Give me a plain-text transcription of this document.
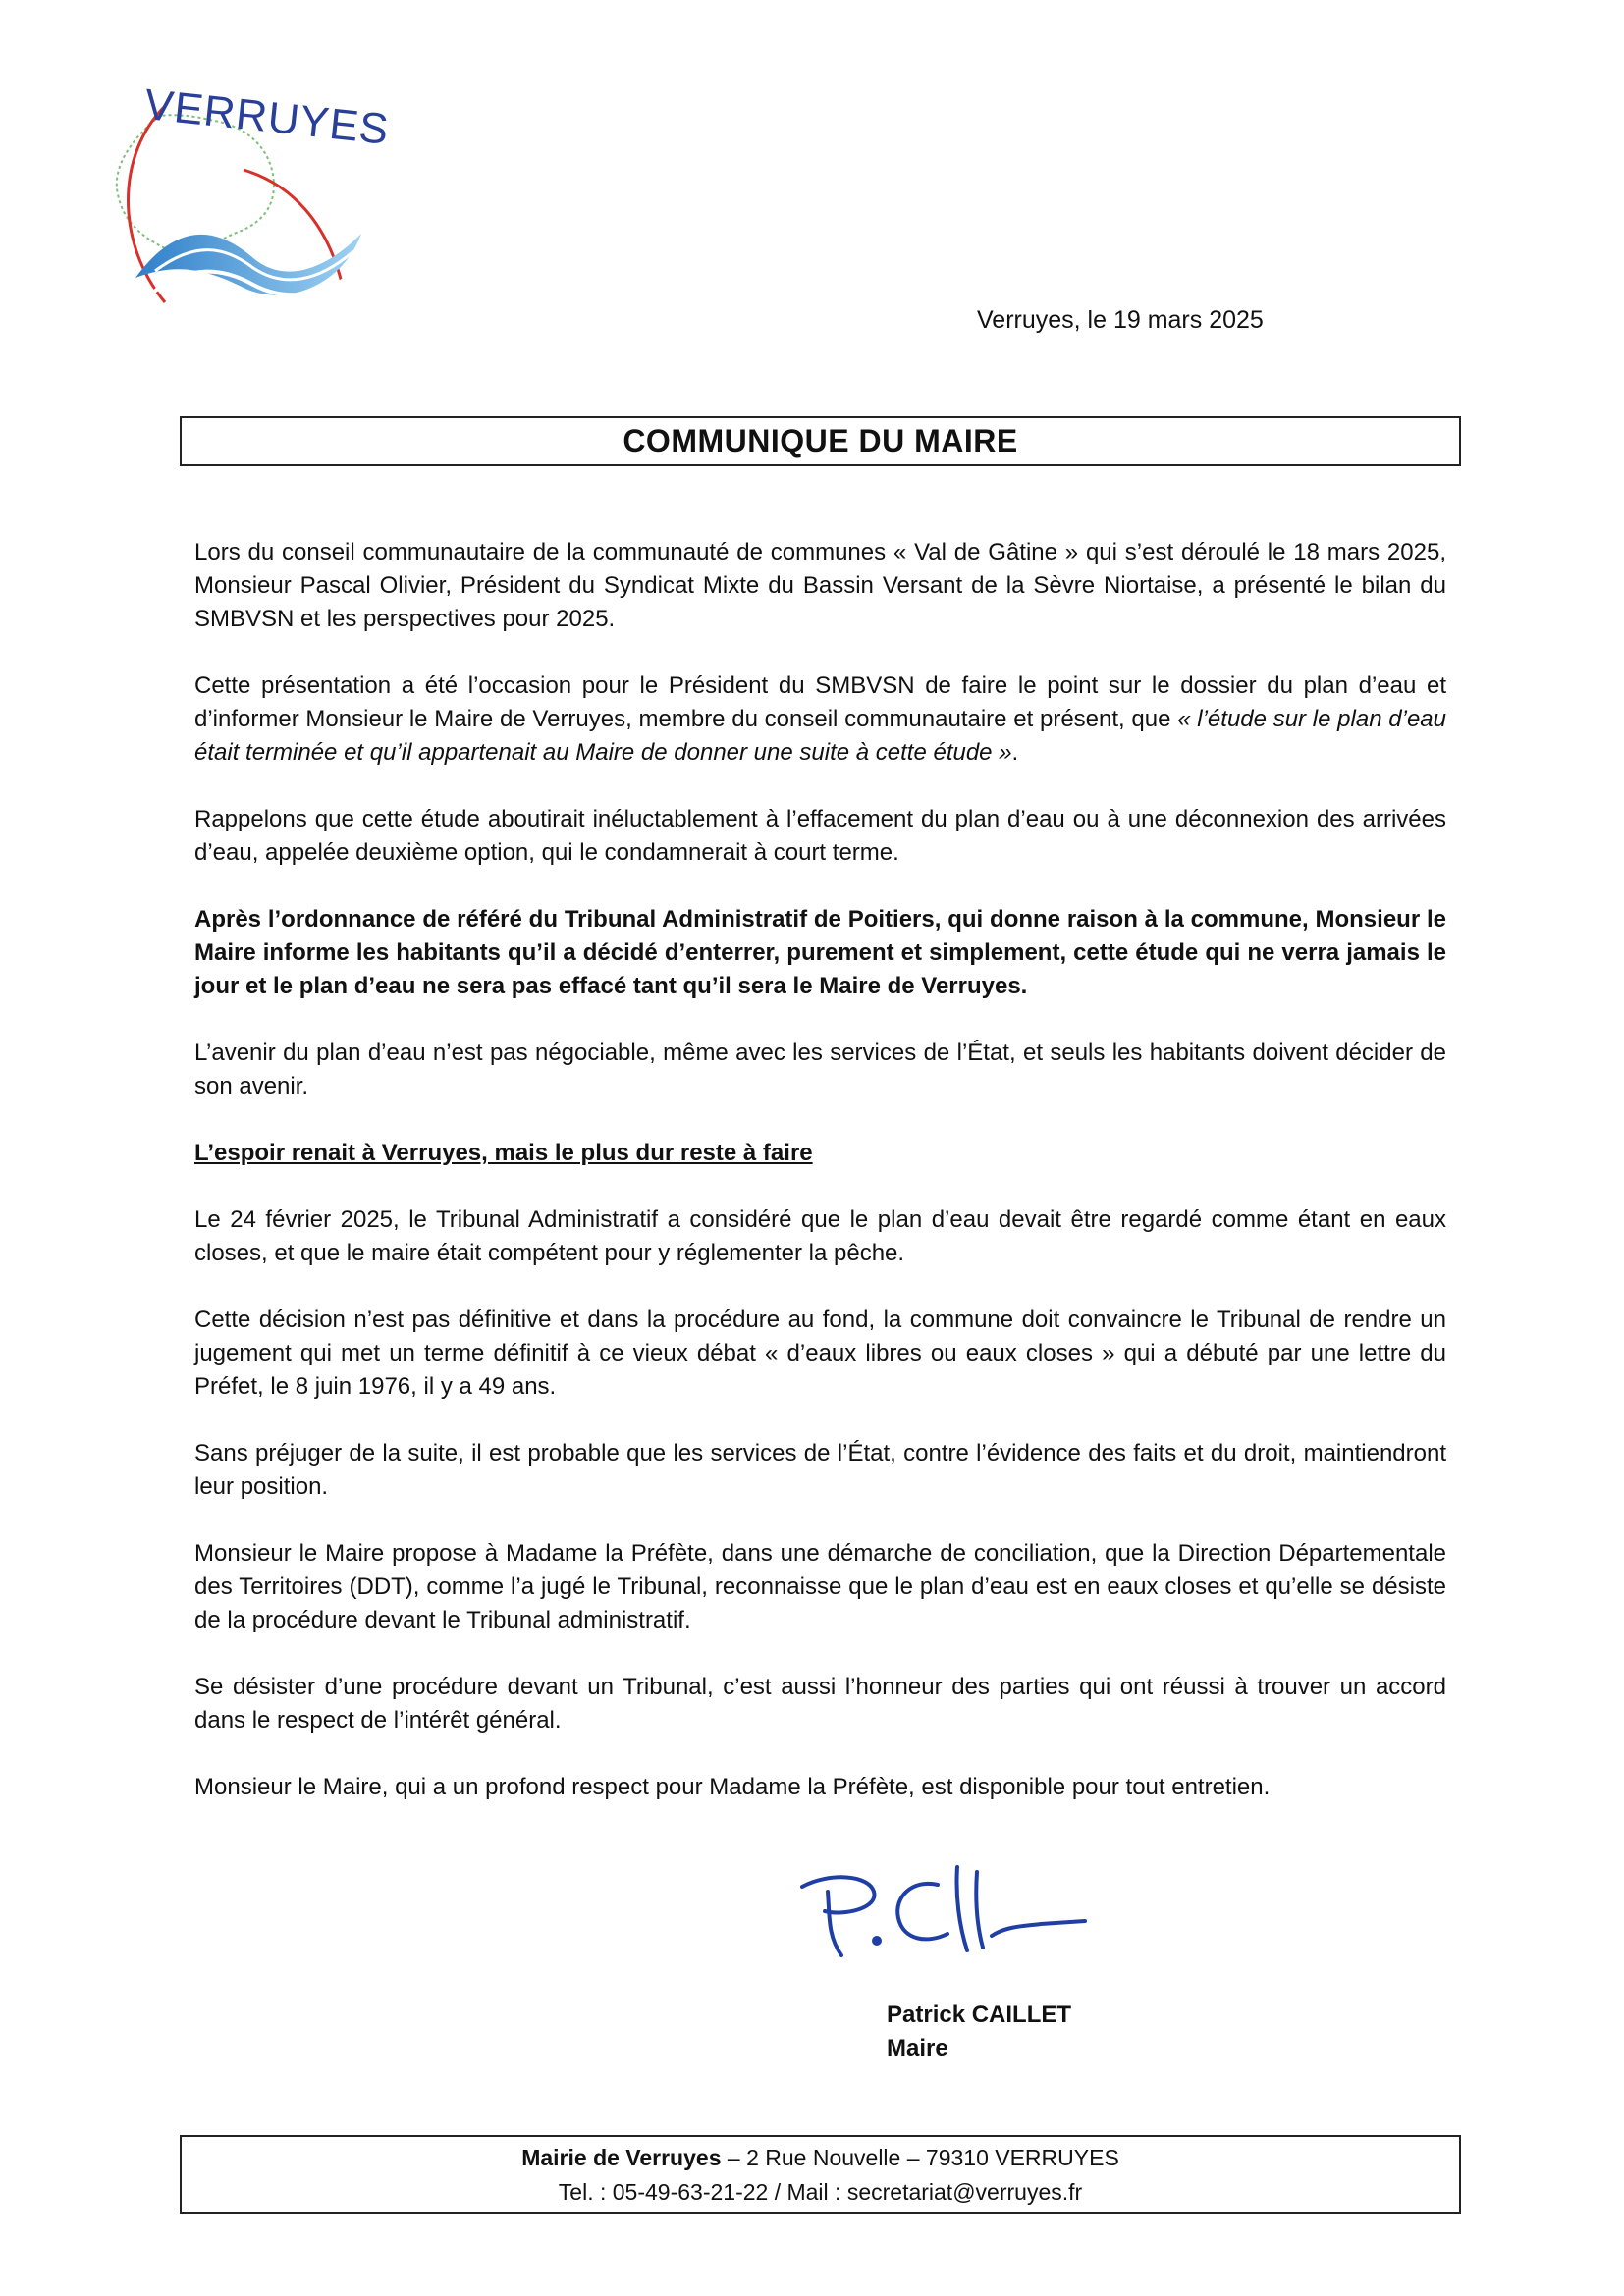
VERRUYES
Verruyes, le 19 mars 2025
COMMUNIQUE DU MAIRE

Lors du conseil communautaire de la communauté de communes « Val de Gâtine » qui s’est déroulé le 18 mars 2025, Monsieur Pascal Olivier, Président du Syndicat Mixte du Bassin Versant de la Sèvre Niortaise, a présenté le bilan du SMBVSN et les perspectives pour 2025.

Cette présentation a été l’occasion pour le Président du SMBVSN de faire le point sur le dossier du plan d’eau et d’informer Monsieur le Maire de Verruyes, membre du conseil communautaire et présent, que « l’étude sur le plan d’eau était terminée et qu’il appartenait au Maire de donner une suite à cette étude ».

Rappelons que cette étude aboutirait inéluctablement à l’effacement du plan d’eau ou à une déconnexion des arrivées d’eau, appelée deuxième option, qui le condamnerait à court terme.

Après l’ordonnance de référé du Tribunal Administratif de Poitiers, qui donne raison à la commune, Monsieur le Maire informe les habitants qu’il a décidé d’enterrer, purement et simplement, cette étude qui ne verra jamais le jour et le plan d’eau ne sera pas effacé tant qu’il sera le Maire de Verruyes.

L’avenir du plan d’eau n’est pas négociable, même avec les services de l’État, et seuls les habitants doivent décider de son avenir.

L’espoir renait à Verruyes, mais le plus dur reste à faire

Le 24 février 2025, le Tribunal Administratif a considéré que le plan d’eau devait être regardé comme étant en eaux closes, et que le maire était compétent pour y réglementer la pêche.

Cette décision n’est pas définitive et dans la procédure au fond, la commune doit convaincre le Tribunal de rendre un jugement qui met un terme définitif à ce vieux débat « d’eaux libres ou eaux closes » qui a débuté par une lettre du Préfet, le 8 juin 1976, il y a 49 ans.

Sans préjuger de la suite, il est probable que les services de l’État, contre l’évidence des faits et du droit, maintiendront leur position.

Monsieur le Maire propose à Madame la Préfète, dans une démarche de conciliation, que la Direction Départementale des Territoires (DDT), comme l’a jugé le Tribunal, reconnaisse que le plan d’eau est en eaux closes et qu’elle se désiste de la procédure devant le Tribunal administratif.

Se désister d’une procédure devant un Tribunal, c’est aussi l’honneur des parties qui ont réussi à trouver un accord dans le respect de l’intérêt général.

Monsieur le Maire, qui a un profond respect pour Madame la Préfète, est disponible pour tout entretien.

Patrick CAILLET
Maire
Mairie de Verruyes – 2 Rue Nouvelle – 79310 VERRUYES
Tel. : 05-49-63-21-22 / Mail : secretariat@verruyes.fr
